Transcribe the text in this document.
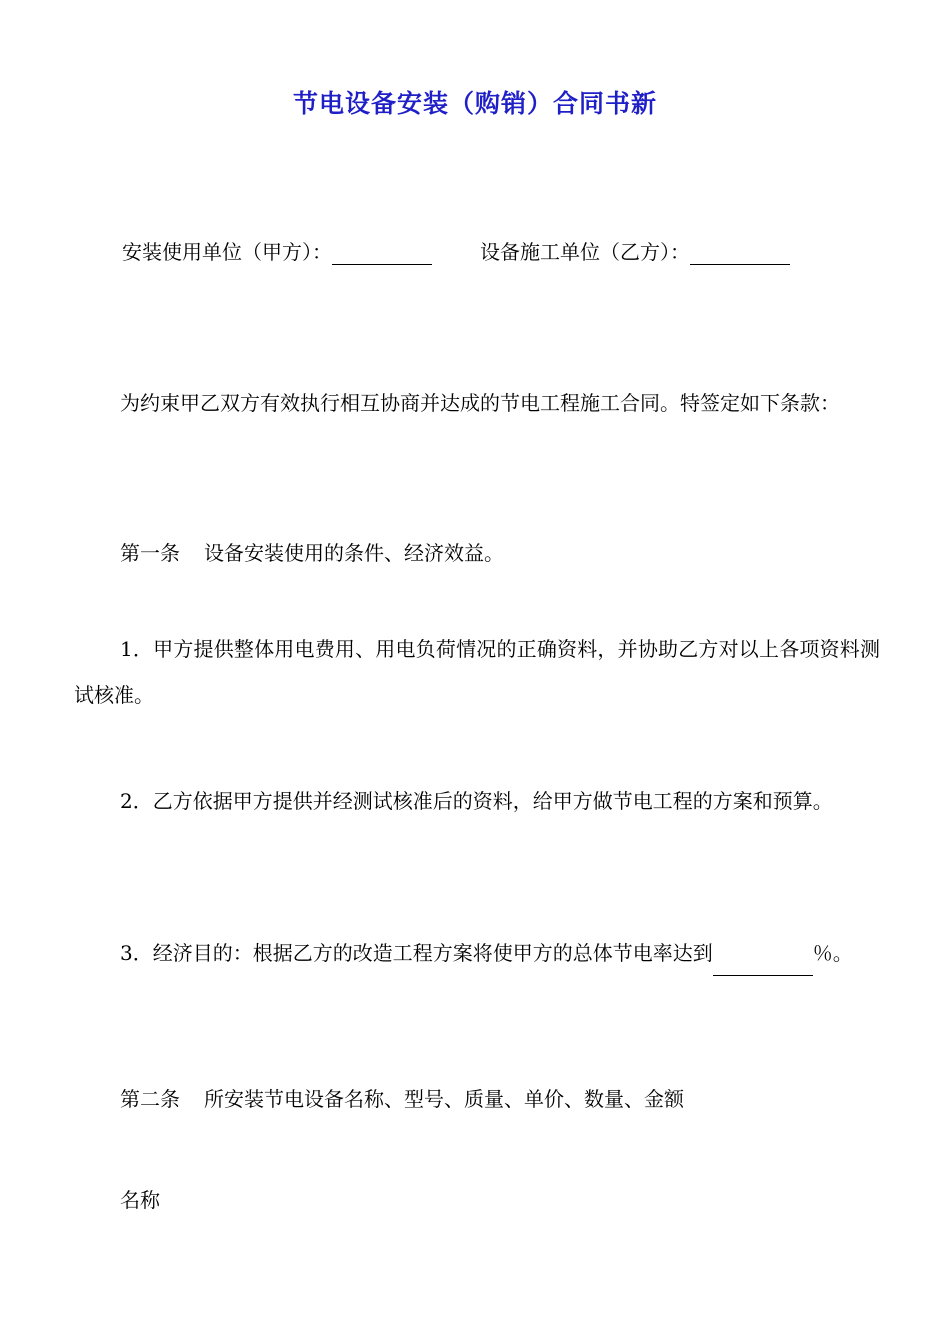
节电设备安装（购销）合同书新
安装使用单位（甲方）：	设备施工单位（乙方）：
为约束甲乙双方有效执行相互协商并达成的节电工程施工合同。特签定如下条款：
第一条 设备安装使用的条件、经济效益。
1．甲方提供整体用电费用、用电负荷情况的正确资料，并协助乙方对以上各项资料测试核准。
2．乙方依据甲方提供并经测试核准后的资料，给甲方做节电工程的方案和预算。
3．经济目的：根据乙方的改造工程方案将使甲方的总体节电率达到	％。
第二条 所安装节电设备名称、型号、质量、单价、数量、金额
名称
